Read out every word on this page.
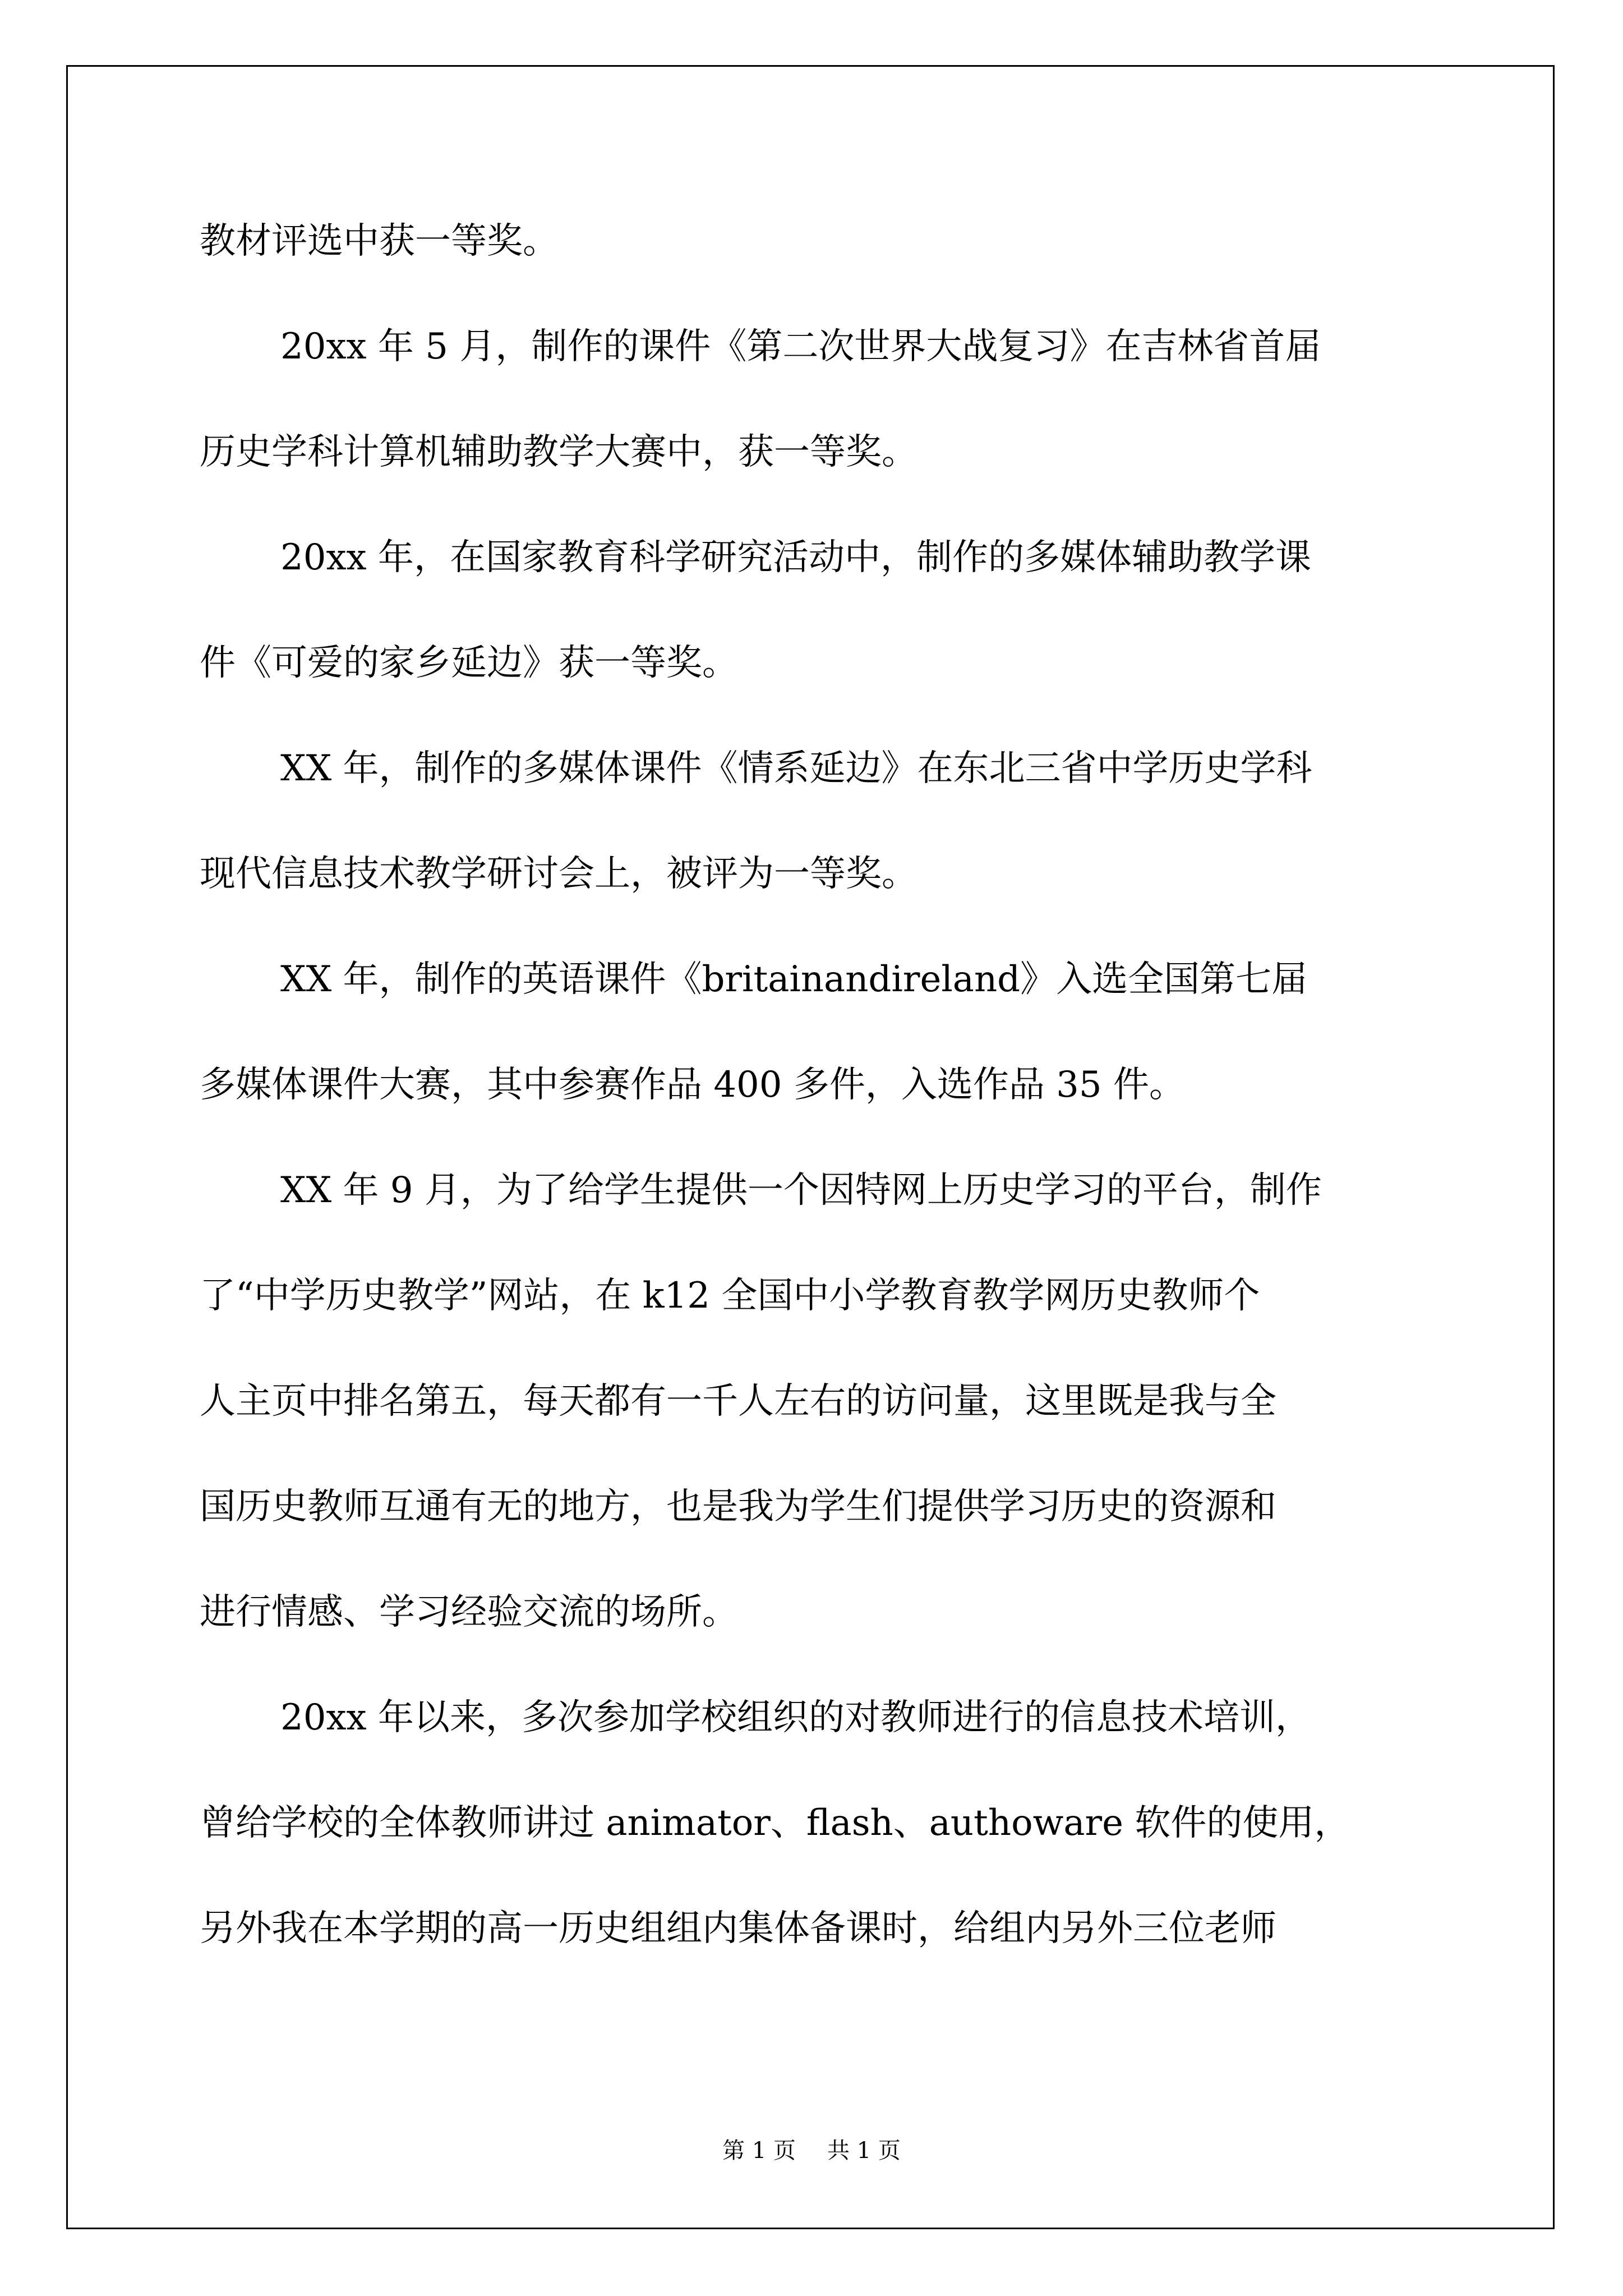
教材评选中获一等奖。
20xx 年 5 月，制作的课件《第二次世界大战复习》在吉林省首届
历史学科计算机辅助教学大赛中，获一等奖。
20xx 年，在国家教育科学研究活动中，制作的多媒体辅助教学课
件《可爱的家乡延边》获一等奖。
XX 年，制作的多媒体课件《情系延边》在东北三省中学历史学科
现代信息技术教学研讨会上，被评为一等奖。
XX 年，制作的英语课件《britainandireland》入选全国第七届
多媒体课件大赛，其中参赛作品 400 多件，入选作品 35 件。
XX 年 9 月，为了给学生提供一个因特网上历史学习的平台，制作
了“中学历史教学”网站，在 k12 全国中小学教育教学网历史教师个
人主页中排名第五，每天都有一千人左右的访问量，这里既是我与全
国历史教师互通有无的地方，也是我为学生们提供学习历史的资源和
进行情感、学习经验交流的场所。
20xx 年以来，多次参加学校组织的对教师进行的信息技术培训，
曾给学校的全体教师讲过 animator、flash、authoware 软件的使用，
另外我在本学期的高一历史组组内集体备课时，给组内另外三位老师
第 1 页 共 1 页
